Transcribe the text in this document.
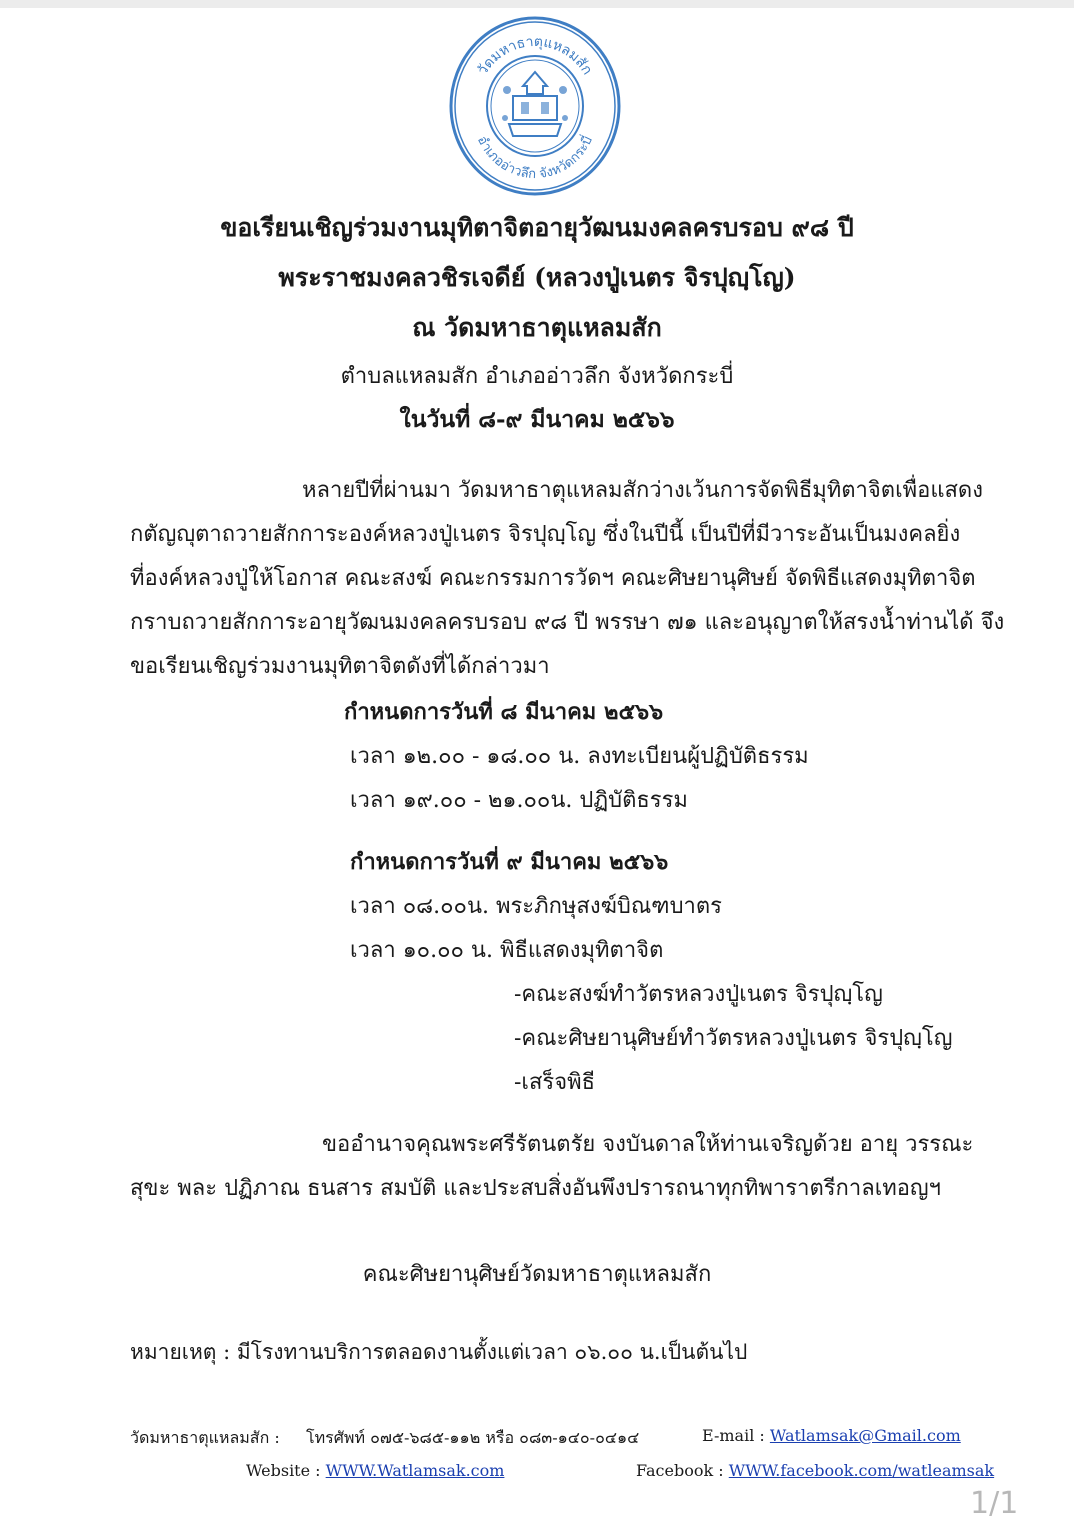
วัดมหาธาตุแหลมสัก
อำเภออ่าวลึก จังหวัดกระบี่
ขอเรียนเชิญร่วมงานมุทิตาจิตอายุวัฒนมงคลครบรอบ ๙๘ ปี
พระราชมงคลวชิรเจดีย์ (หลวงปู่เนตร จิรปุญฺโญ)
ณ วัดมหาธาตุแหลมสัก
ตำบลแหลมสัก อำเภออ่าวลึก จังหวัดกระบี่
ในวันที่ ๘-๙ มีนาคม ๒๕๖๖
หลายปีที่ผ่านมา วัดมหาธาตุแหลมสักว่างเว้นการจัดพิธีมุทิตาจิตเพื่อแสดง
กตัญญุตาถวายสักการะองค์หลวงปู่เนตร จิรปุญฺโญ ซึ่งในปีนี้ เป็นปีที่มีวาระอันเป็นมงคลยิ่ง
ที่องค์หลวงปู่ให้โอกาส คณะสงฆ์ คณะกรรมการวัดฯ คณะศิษยานุศิษย์ จัดพิธีแสดงมุทิตาจิต
กราบถวายสักการะอายุวัฒนมงคลครบรอบ ๙๘ ปี พรรษา ๗๑ และอนุญาตให้สรงน้ำท่านได้ จึง
ขอเรียนเชิญร่วมงานมุทิตาจิตดังที่ได้กล่าวมา
กำหนดการวันที่ ๘ มีนาคม ๒๕๖๖
เวลา ๑๒.๐๐ - ๑๘.๐๐ น. ลงทะเบียนผู้ปฏิบัติธรรม
เวลา ๑๙.๐๐ - ๒๑.๐๐น. ปฏิบัติธรรม
กำหนดการวันที่ ๙ มีนาคม ๒๕๖๖
เวลา ๐๘.๐๐น. พระภิกษุสงฆ์บิณฑบาตร
เวลา ๑๐.๐๐ น. พิธีแสดงมุทิตาจิต
-คณะสงฆ์ทำวัตรหลวงปู่เนตร จิรปุญฺโญ
-คณะศิษยานุศิษย์ทำวัตรหลวงปู่เนตร จิรปุญฺโญ
-เสร็จพิธี
ขออำนาจคุณพระศรีรัตนตรัย จงบันดาลให้ท่านเจริญด้วย อายุ วรรณะ
สุขะ พละ ปฏิภาณ ธนสาร สมบัติ และประสบสิ่งอันพึงปรารถนาทุกทิพาราตรีกาลเทอญฯ
คณะศิษยานุศิษย์วัดมหาธาตุแหลมสัก
หมายเหตุ : มีโรงทานบริการตลอดงานตั้งแต่เวลา ๐๖.๐๐ น.เป็นต้นไป
วัดมหาธาตุแหลมสัก : โทรศัพท์ ๐๗๕-๖๘๕-๑๑๒ หรือ ๐๘๓-๑๔๐-๐๔๑๔	E-mail : Watlamsak@Gmail.com
Website : WWW.Watlamsak.com	Facebook : WWW.facebook.com/watleamsak
1/1
